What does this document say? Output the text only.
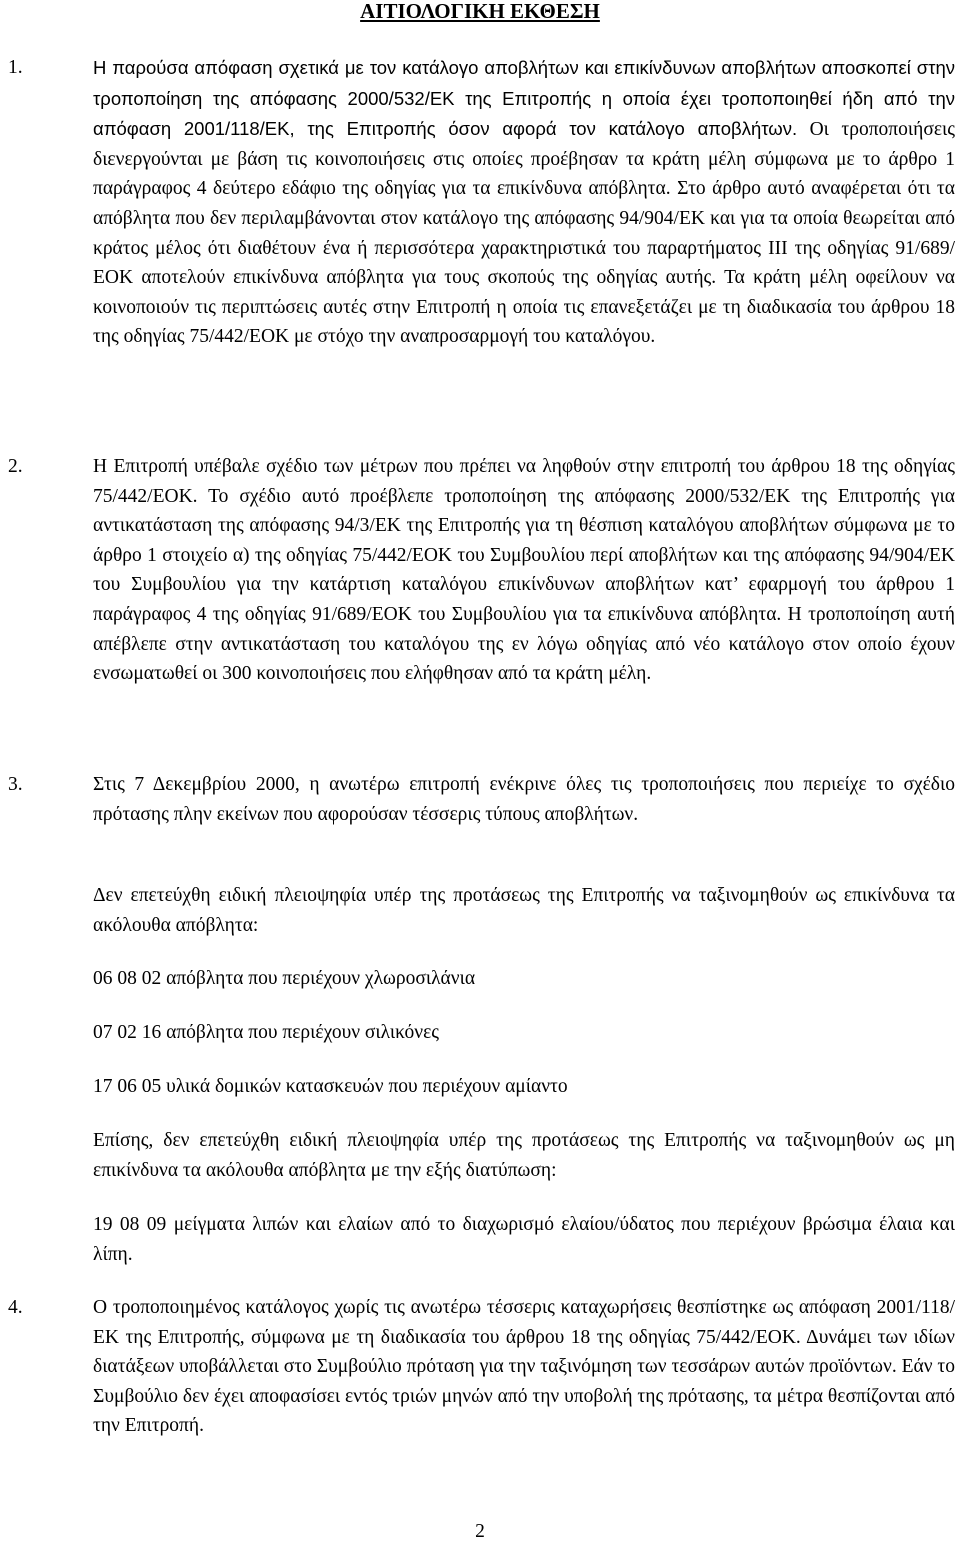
ΑΙΤΙΟΛΟΓΙΚΗ ΕΚΘΕΣΗ
1.	Η παρούσα απόφαση σχετικά με τον κατάλογο αποβλήτων και επικίνδυνων αποβλήτων αποσκοπεί στην τροποποίηση της απόφασης 2000/532/ΕΚ της Επιτροπής η οποία έχει τροποποιηθεί ήδη από την απόφαση 2001/118/ΕΚ, της Επιτροπής όσον αφορά τον κατάλογο αποβλήτων. Οι τροποποιήσεις διενεργούνται με βάση τις κοινοποιήσεις στις οποίες προέβησαν τα κράτη μέλη σύμφωνα με το άρθρο 1 παράγραφος 4 δεύτερο εδάφιο της οδηγίας για τα επικίνδυνα απόβλητα. Στο άρθρο αυτό αναφέρεται ότι τα απόβλητα που δεν περιλαμβάνονται στον κατάλογο της απόφασης 94/904/ΕΚ και για τα οποία θεωρείται από κράτος μέλος ότι διαθέτουν ένα ή περισσότερα χαρακτηριστικά του παραρτήματος ΙΙΙ της οδηγίας 91/689/ΕΟΚ αποτελούν επικίνδυνα απόβλητα για τους σκοπούς της οδηγίας αυτής. Τα κράτη μέλη οφείλουν να κοινοποιούν τις περιπτώσεις αυτές στην Επιτροπή η οποία τις επανεξετάζει με τη διαδικασία του άρθρου 18 της οδηγίας 75/442/ΕΟΚ με στόχο την αναπροσαρμογή του καταλόγου.

2.	Η Επιτροπή υπέβαλε σχέδιο των μέτρων που πρέπει να ληφθούν στην επιτροπή του άρθρου 18 της οδηγίας 75/442/ΕΟΚ. Το σχέδιο αυτό προέβλεπε τροποποίηση της απόφασης 2000/532/ΕΚ της Επιτροπής για αντικατάσταση της απόφασης 94/3/ΕΚ της Επιτροπής για τη θέσπιση καταλόγου αποβλήτων σύμφωνα με το άρθρο 1 στοιχείο α) της οδηγίας 75/442/ΕΟΚ του Συμβουλίου περί αποβλήτων και της απόφασης 94/904/ΕΚ του Συμβουλίου για την κατάρτιση καταλόγου επικίνδυνων αποβλήτων κατ’ εφαρμογή του άρθρου 1 παράγραφος 4 της οδηγίας 91/689/ΕΟΚ του Συμβουλίου για τα επικίνδυνα απόβλητα. Η τροποποίηση αυτή απέβλεπε στην αντικατάσταση του καταλόγου της εν λόγω οδηγίας από νέο κατάλογο στον οποίο έχουν ενσωματωθεί οι 300 κοινοποιήσεις που ελήφθησαν από τα κράτη μέλη.

3.	Στις 7 Δεκεμβρίου 2000, η ανωτέρω επιτροπή ενέκρινε όλες τις τροποποιήσεις που περιείχε το σχέδιο πρότασης πλην εκείνων που αφορούσαν τέσσερις τύπους αποβλήτων.

Δεν επετεύχθη ειδική πλειοψηφία υπέρ της προτάσεως της Επιτροπής να ταξινομηθούν ως επικίνδυνα τα ακόλουθα απόβλητα:

06 08 02 απόβλητα που περιέχουν χλωροσιλάνια

07 02 16 απόβλητα που περιέχουν σιλικόνες

17 06 05 υλικά δομικών κατασκευών που περιέχουν αμίαντο

Επίσης, δεν επετεύχθη ειδική πλειοψηφία υπέρ της προτάσεως της Επιτροπής να ταξινομηθούν ως μη επικίνδυνα τα ακόλουθα απόβλητα με την εξής διατύπωση:

19 08 09 μείγματα λιπών και ελαίων από το διαχωρισμό ελαίου/ύδατος που περιέχουν βρώσιμα έλαια και λίπη.

4.	Ο τροποποιημένος κατάλογος χωρίς τις ανωτέρω τέσσερις καταχωρήσεις θεσπίστηκε ως απόφαση 2001/118/ΕΚ της Επιτροπής, σύμφωνα με τη διαδικασία του άρθρου 18 της οδηγίας 75/442/ΕΟΚ. Δυνάμει των ιδίων διατάξεων υποβάλλεται στο Συμβούλιο πρόταση για την ταξινόμηση των τεσσάρων αυτών προϊόντων. Εάν το Συμβούλιο δεν έχει αποφασίσει εντός τριών μηνών από την υποβολή της πρότασης, τα μέτρα θεσπίζονται από την Επιτροπή.

2
